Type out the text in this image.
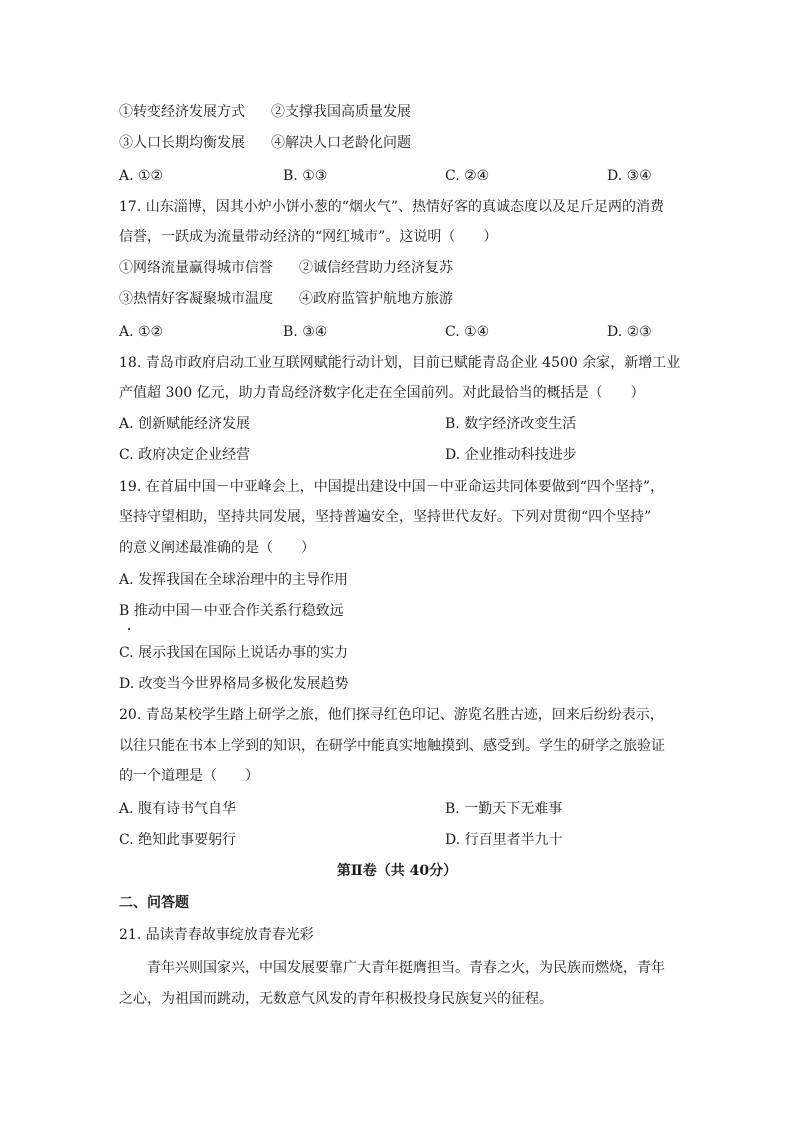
①转变经济发展方式 ②支撑我国高质量发展
③人口长期均衡发展 ④解决人口老龄化问题
A. ①②	B. ①③	C. ②④	D. ③④
17. 山东淄博，因其小炉小饼小葱的“烟火气”、热情好客的真诚态度以及足斤足两的消费
信誉，一跃成为流量带动经济的“网红城市”。这说明（　　）
①网络流量赢得城市信誉 ②诚信经营助力经济复苏
③热情好客凝聚城市温度 ④政府监管护航地方旅游
A. ①②	B. ③④	C. ①④	D. ②③
18. 青岛市政府启动工业互联网赋能行动计划，目前已赋能青岛企业 4500 余家，新增工业
产值超 300 亿元，助力青岛经济数字化走在全国前列。对此最恰当的概括是（　　）
A. 创新赋能经济发展	B. 数字经济改变生活
C. 政府决定企业经营	D. 企业推动科技进步
19. 在首届中国－中亚峰会上，中国提出建设中国－中亚命运共同体要做到“四个坚持”，
坚持守望相助，坚持共同发展，坚持普遍安全，坚持世代友好。下列对贯彻“四个坚持”
的意义阐述最准确的是（　　）
A. 发挥我国在全球治理中的主导作用
B 推动中国－中亚合作关系行稳致远
C. 展示我国在国际上说话办事的实力
D. 改变当今世界格局多极化发展趋势
20. 青岛某校学生踏上研学之旅，他们探寻红色印记、游览名胜古迹，回来后纷纷表示，
以往只能在书本上学到的知识，在研学中能真实地触摸到、感受到。学生的研学之旅验证
的一个道理是（　　）
A. 腹有诗书气自华	B. 一勤天下无难事
C. 绝知此事要躬行	D. 行百里者半九十
第Ⅱ卷（共 40分）
二、问答题
21. 品读青春故事绽放青春光彩
青年兴则国家兴，中国发展要靠广大青年挺膺担当。青春之火，为民族而燃烧，青年
之心，为祖国而跳动，无数意气风发的青年积极投身民族复兴的征程。
